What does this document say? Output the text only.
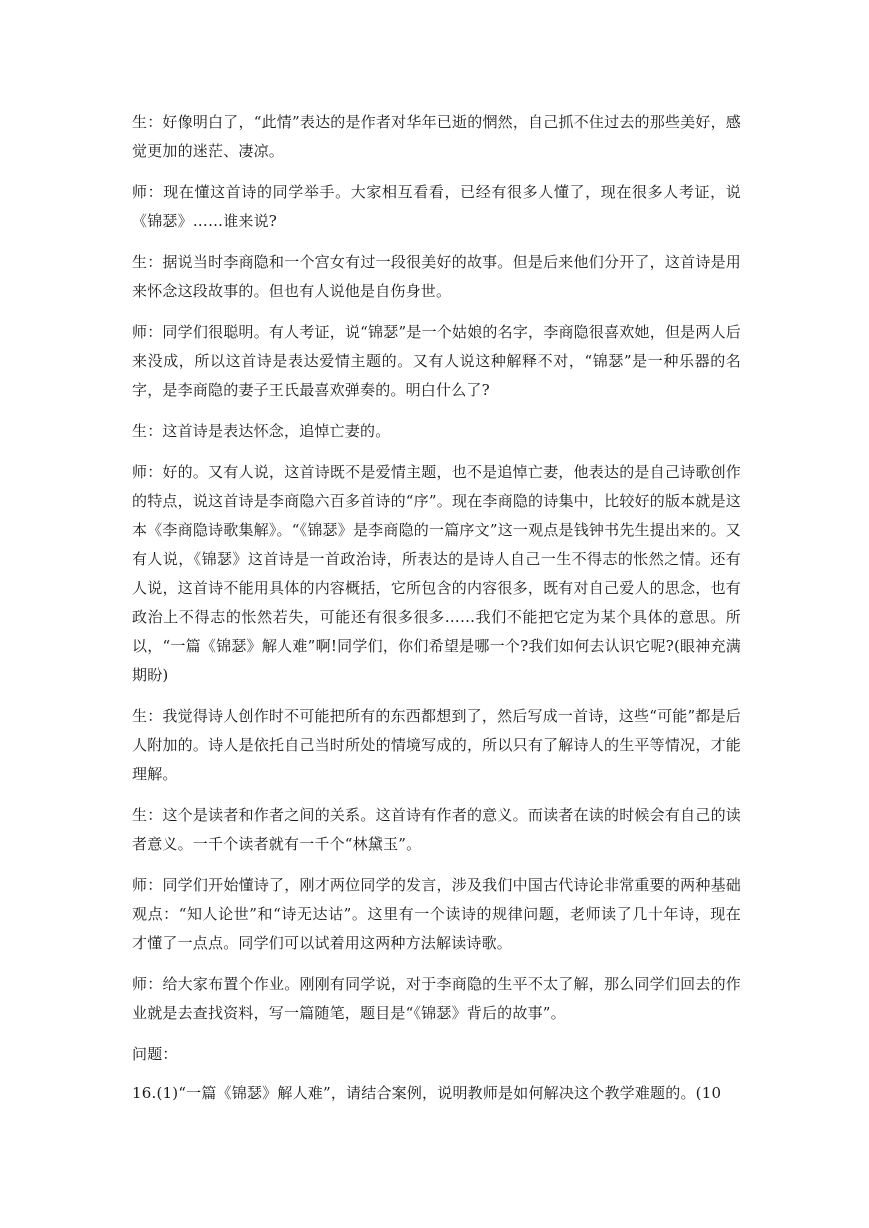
生：好像明白了，“此情”表达的是作者对华年已逝的惘然，自己抓不住过去的那些美好，感觉更加的迷茫、凄凉。

师：现在懂这首诗的同学举手。大家相互看看，已经有很多人懂了，现在很多人考证，说《锦瑟》……谁来说?

生：据说当时李商隐和一个宫女有过一段很美好的故事。但是后来他们分开了，这首诗是用来怀念这段故事的。但也有人说他是自伤身世。

师：同学们很聪明。有人考证，说“锦瑟”是一个姑娘的名字，李商隐很喜欢她，但是两人后来没成，所以这首诗是表达爱情主题的。又有人说这种解释不对，“锦瑟”是一种乐器的名字，是李商隐的妻子王氏最喜欢弹奏的。明白什么了?

生：这首诗是表达怀念，追悼亡妻的。

师：好的。又有人说，这首诗既不是爱情主题，也不是追悼亡妻，他表达的是自己诗歌创作的特点，说这首诗是李商隐六百多首诗的“序”。现在李商隐的诗集中，比较好的版本就是这本《李商隐诗歌集解》。“《锦瑟》是李商隐的一篇序文”这一观点是钱钟书先生提出来的。又有人说，《锦瑟》这首诗是一首政治诗，所表达的是诗人自己一生不得志的怅然之情。还有人说，这首诗不能用具体的内容概括，它所包含的内容很多，既有对自己爱人的思念，也有政治上不得志的怅然若失，可能还有很多很多……我们不能把它定为某个具体的意思。所以，“一篇《锦瑟》解人难”啊!同学们，你们希望是哪一个?我们如何去认识它呢?(眼神充满期盼)

生：我觉得诗人创作时不可能把所有的东西都想到了，然后写成一首诗，这些“可能”都是后人附加的。诗人是依托自己当时所处的情境写成的，所以只有了解诗人的生平等情况，才能理解。

生：这个是读者和作者之间的关系。这首诗有作者的意义。而读者在读的时候会有自己的读者意义。一千个读者就有一千个“林黛玉”。

师：同学们开始懂诗了，刚才两位同学的发言，涉及我们中国古代诗论非常重要的两种基础观点：“知人论世”和“诗无达诂”。这里有一个读诗的规律问题，老师读了几十年诗，现在才懂了一点点。同学们可以试着用这两种方法解读诗歌。

师：给大家布置个作业。刚刚有同学说，对于李商隐的生平不太了解，那么同学们回去的作业就是去查找资料，写一篇随笔，题目是“《锦瑟》背后的故事”。

问题：

16.(1)“一篇《锦瑟》解人难”，请结合案例，说明教师是如何解决这个教学难题的。(10
